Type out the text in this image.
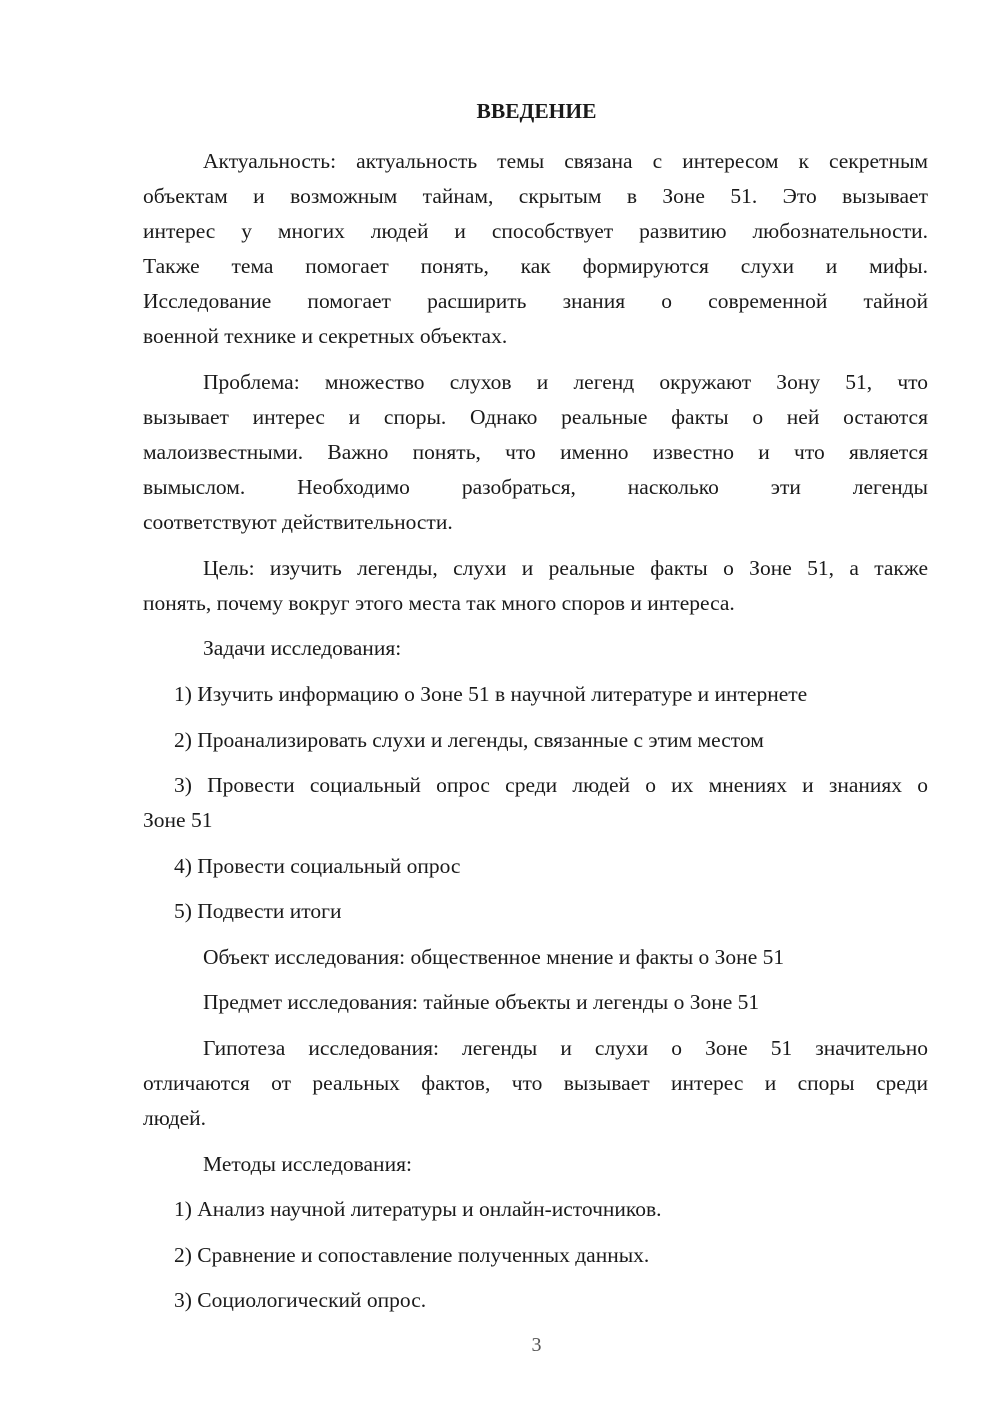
ВВЕДЕНИЕ
Актуальность: актуальность темы связана с интересом к секретным
объектам и возможным тайнам, скрытым в Зоне 51. Это вызывает
интерес у многих людей и способствует развитию любознательности.
Также тема помогает понять, как формируются слухи и мифы.
Исследование помогает расширить знания о современной тайной
военной технике и секретных объектах.
Проблема: множество слухов и легенд окружают Зону 51, что
вызывает интерес и споры. Однако реальные факты о ней остаются
малоизвестными. Важно понять, что именно известно и что является
вымыслом. Необходимо разобраться, насколько эти легенды
соответствуют действительности.
Цель: изучить легенды, слухи и реальные факты о Зоне 51, а также
понять, почему вокруг этого места так много споров и интереса.
Задачи исследования:
1) Изучить информацию о Зоне 51 в научной литературе и интернете
2) Проанализировать слухи и легенды, связанные с этим местом
3) Провести социальный опрос среди людей о их мнениях и знаниях о
Зоне 51
4) Провести социальный опрос
5) Подвести итоги
Объект исследования: общественное мнение и факты о Зоне 51
Предмет исследования: тайные объекты и легенды о Зоне 51
Гипотеза исследования: легенды и слухи о Зоне 51 значительно
отличаются от реальных фактов, что вызывает интерес и споры среди
людей.
Методы исследования:
1) Анализ научной литературы и онлайн-источников.
2) Сравнение и сопоставление полученных данных.
3) Социологический опрос.
3
